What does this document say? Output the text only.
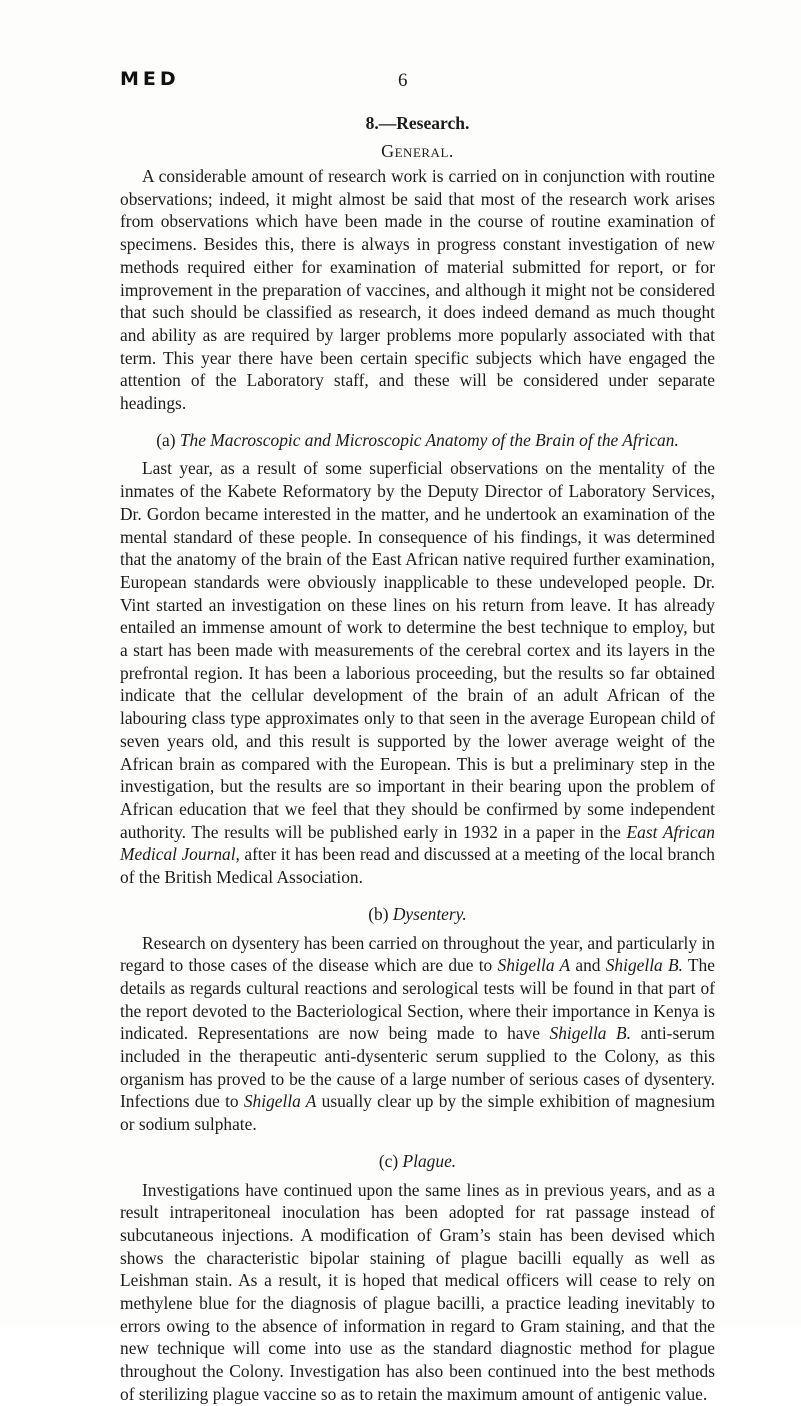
MED	6
8.—Research.
General.

A considerable amount of research work is carried on in conjunction with routine observations; indeed, it might almost be said that most of the research work arises from observations which have been made in the course of routine examination of specimens. Besides this, there is always in progress constant investigation of new methods required either for examination of material submitted for report, or for improvement in the preparation of vaccines, and although it might not be considered that such should be classified as research, it does indeed demand as much thought and ability as are required by larger problems more popularly associated with that term. This year there have been certain specific subjects which have engaged the attention of the Laboratory staff, and these will be considered under separate headings.

(a) The Macroscopic and Microscopic Anatomy of the Brain of the African.

Last year, as a result of some superficial observations on the mentality of the inmates of the Kabete Reformatory by the Deputy Director of Laboratory Services, Dr. Gordon became interested in the matter, and he undertook an examination of the mental standard of these people. In consequence of his findings, it was determined that the anatomy of the brain of the East African native required further examination, European standards were obviously inapplicable to these undeveloped people. Dr. Vint started an investigation on these lines on his return from leave. It has already entailed an immense amount of work to determine the best technique to employ, but a start has been made with measurements of the cerebral cortex and its layers in the prefrontal region. It has been a laborious proceeding, but the results so far obtained indicate that the cellular development of the brain of an adult African of the labouring class type approximates only to that seen in the average European child of seven years old, and this result is supported by the lower average weight of the African brain as compared with the European. This is but a preliminary step in the investigation, but the results are so important in their bearing upon the problem of African education that we feel that they should be confirmed by some independent authority. The results will be published early in 1932 in a paper in the East African Medical Journal, after it has been read and discussed at a meeting of the local branch of the British Medical Association.

(b) Dysentery.

Research on dysentery has been carried on throughout the year, and particularly in regard to those cases of the disease which are due to Shigella A and Shigella B. The details as regards cultural reactions and serological tests will be found in that part of the report devoted to the Bacteriological Section, where their importance in Kenya is indicated. Representations are now being made to have Shigella B. anti-serum included in the therapeutic anti-dysenteric serum supplied to the Colony, as this organism has proved to be the cause of a large number of serious cases of dysentery. Infections due to Shigella A usually clear up by the simple exhibition of magnesium or sodium sulphate.

(c) Plague.

Investigations have continued upon the same lines as in previous years, and as a result intraperitoneal inoculation has been adopted for rat passage instead of subcutaneous injections. A modification of Gram’s stain has been devised which shows the characteristic bipolar staining of plague bacilli equally as well as Leishman stain. As a result, it is hoped that medical officers will cease to rely on methylene blue for the diagnosis of plague bacilli, a practice leading inevitably to errors owing to the absence of information in regard to Gram staining, and that the new technique will come into use as the standard diagnostic method for plague throughout the Colony. Investigation has also been continued into the best methods of sterilizing plague vaccine so as to retain the maximum amount of antigenic value.
